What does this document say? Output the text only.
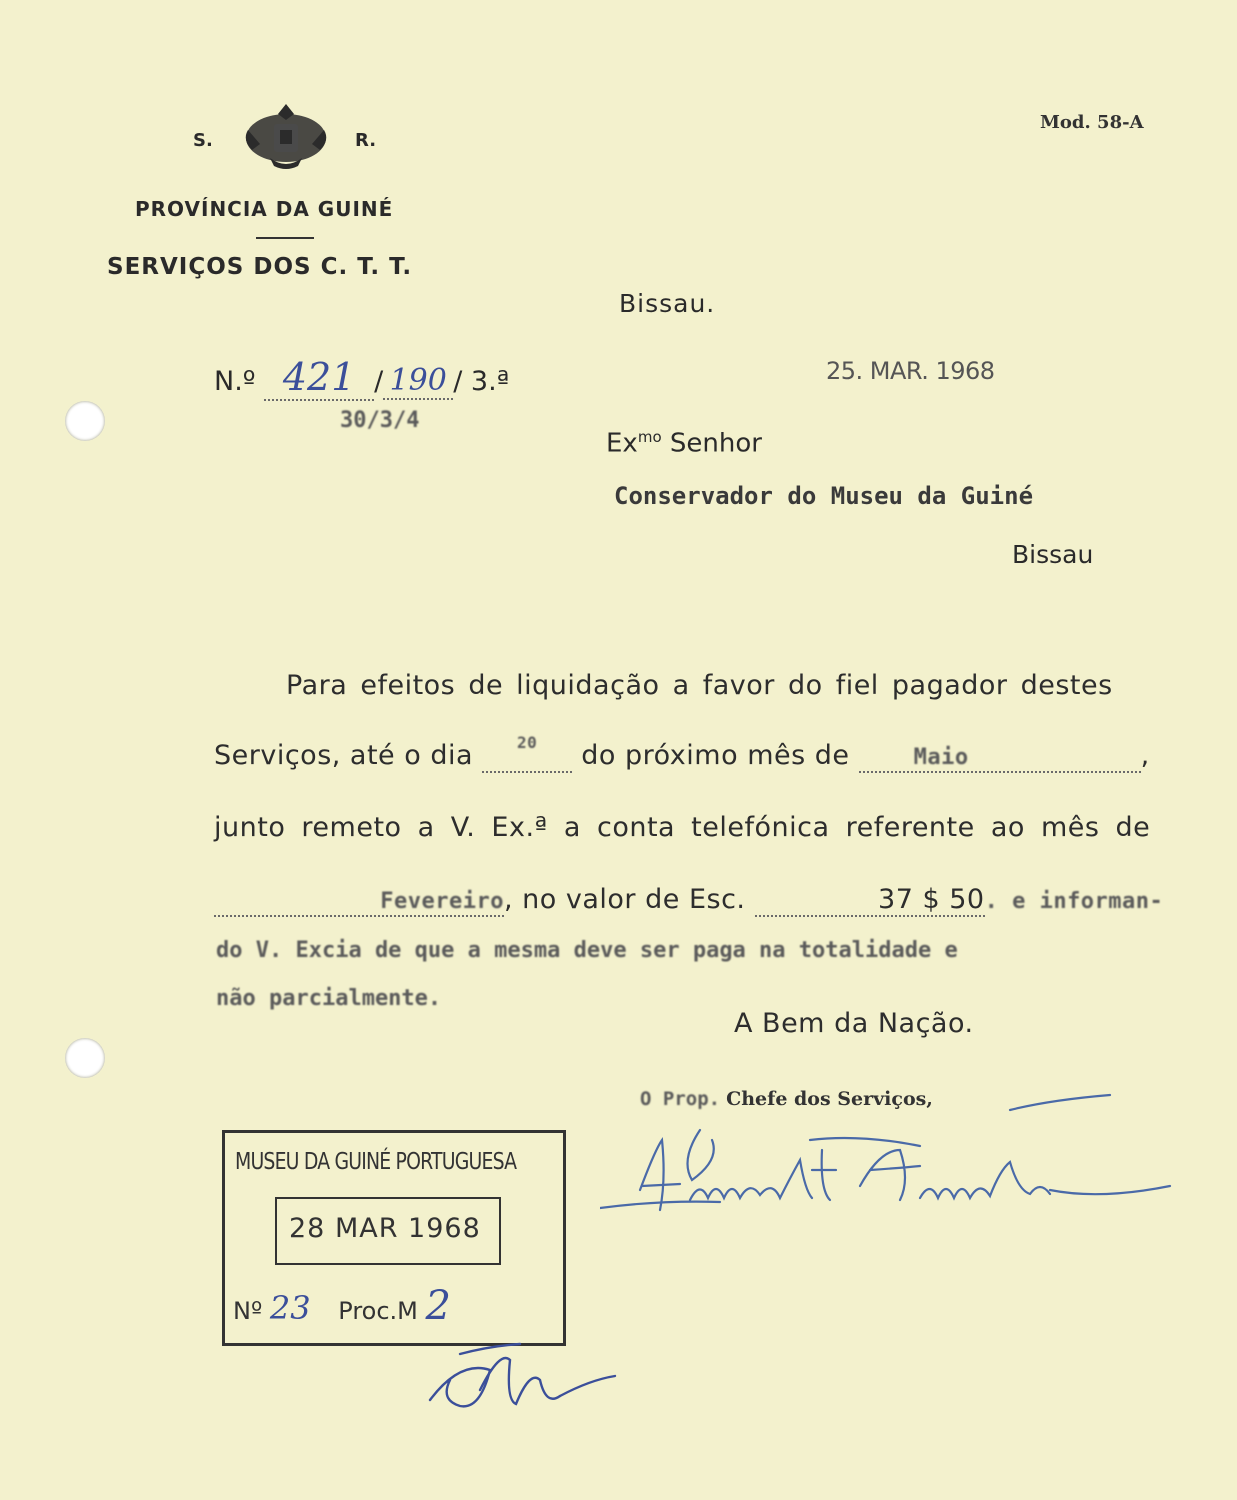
S.	R.
PROVÍNCIA DA GUINÉ
SERVIÇOS DOS C. T. T.
Mod. 58-A
Bissau.
N.º 421 / 190 / 3.ª
30/3/4
25. MAR. 1968
$Ex^{mo}$ Senhor
Conservador do Museu da Guiné
Bissau
Para efeitos de liquidação a favor do fiel pagador destes
Serviços, até o dia	$^{20}$ do próximo mês de	Maio	,
junto remeto a V. Ex.ª a conta telefónica referente ao mês de
Fevereiro, no valor de Esc.	37 $ 50. e informan-
do V. Excia de que a mesma deve ser paga na totalidade e
não parcialmente.
A Bem da Nação.
O Prop. Chefe dos Serviços,
MUSEU DA GUINÉ PORTUGUESA
28 MAR 1968
Nº 23 Proc.M 2
